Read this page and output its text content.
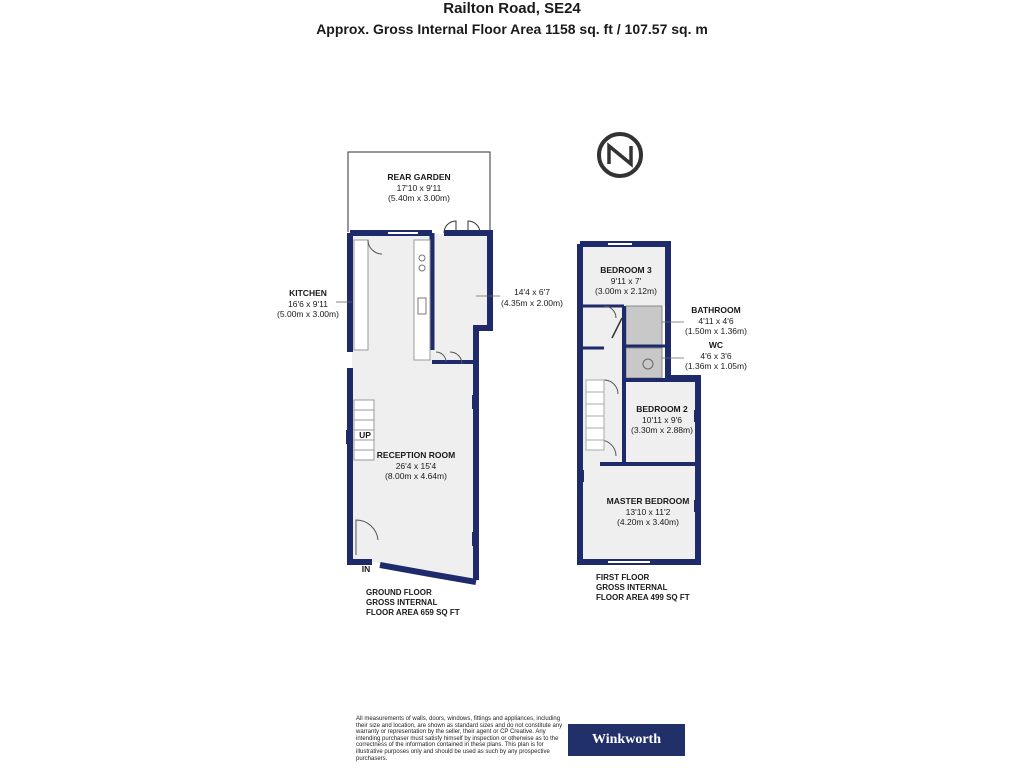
Railton Road, SE24
Approx. Gross Internal Floor Area 1158 sq. ft / 107.57 sq. m
REAR GARDEN
17'10 x 9'11
(5.40m x 3.00m)
KITCHEN
16'6 x 9'11
(5.00m x 3.00m)
14'4 x 6'7
(4.35m x 2.00m)
RECEPTION ROOM
26'4 x 15'4
(8.00m x 4.64m)
UP
IN
GROUND FLOOR
GROSS INTERNAL
FLOOR AREA 659 SQ FT
BEDROOM 3
9'11 x 7'
(3.00m x 2.12m)
BATHROOM
4'11 x 4'6
(1.50m x 1.36m)
WC
4'6 x 3'6
(1.36m x 1.05m)
BEDROOM 2
10'11 x 9'6
(3.30m x 2.88m)
MASTER BEDROOM
13'10 x 11'2
(4.20m x 3.40m)
FIRST FLOOR
GROSS INTERNAL
FLOOR AREA 499 SQ FT
All measurements of walls, doors, windows, fittings and appliances, including their size and location, are shown as standard sizes and do not constitute any warranty or representation by the seller, their agent or CP Creative. Any intending purchaser must satisfy himself by inspection or otherwise as to the correctness of the information contained in these plans. This plan is for illustrative purposes only and should be used as such by any prospective purchasers.
Winkworth
